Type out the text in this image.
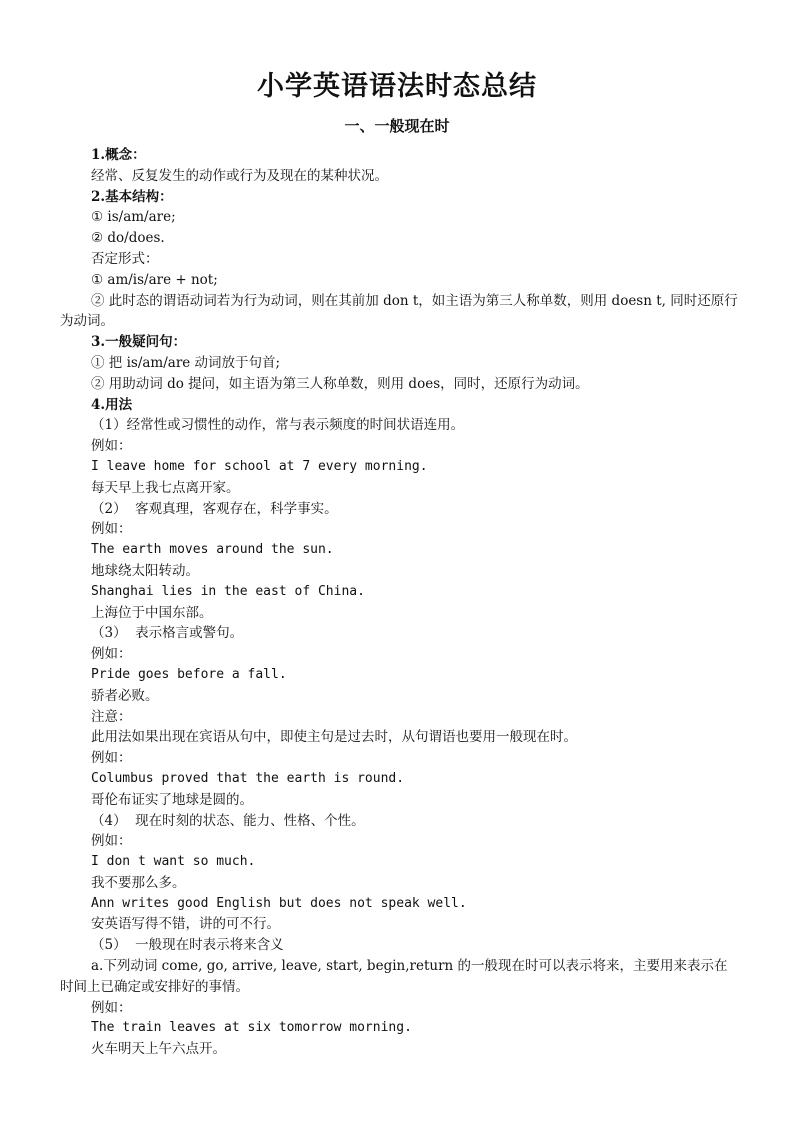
小学英语语法时态总结
一、一般现在时
1.概念：
经常、反复发生的动作或行为及现在的某种状况。
2.基本结构：
① is/am/are;
② do/does.
否定形式：
① am/is/are + not;
② 此时态的谓语动词若为行为动词，则在其前加 don t，如主语为第三人称单数，则用 doesn t, 同时还原行为动词。
3.一般疑问句：
① 把 is/am/are 动词放于句首;
② 用助动词 do 提问，如主语为第三人称单数，则用 does，同时，还原行为动词。
4.用法
（1）经常性或习惯性的动作，常与表示频度的时间状语连用。
例如：
I leave home for school at 7 every morning.
每天早上我七点离开家。
（2）  客观真理，客观存在，科学事实。
例如：
The earth moves around the sun.
地球绕太阳转动。
Shanghai lies in the east of China.
上海位于中国东部。
（3）  表示格言或警句。
例如：
Pride goes before a fall.
骄者必败。
注意：
此用法如果出现在宾语从句中，即使主句是过去时，从句谓语也要用一般现在时。
例如：
Columbus proved that the earth is round.
哥伦布证实了地球是圆的。
（4）  现在时刻的状态、能力、性格、个性。
例如：
I don t want so much.
我不要那么多。
Ann writes good English but does not speak well.
安英语写得不错，讲的可不行。
（5）  一般现在时表示将来含义
a.下列动词 come, go, arrive, leave, start, begin,return 的一般现在时可以表示将来，主要用来表示在时间上已确定或安排好的事情。
例如：
The train leaves at six tomorrow morning.
火车明天上午六点开。
